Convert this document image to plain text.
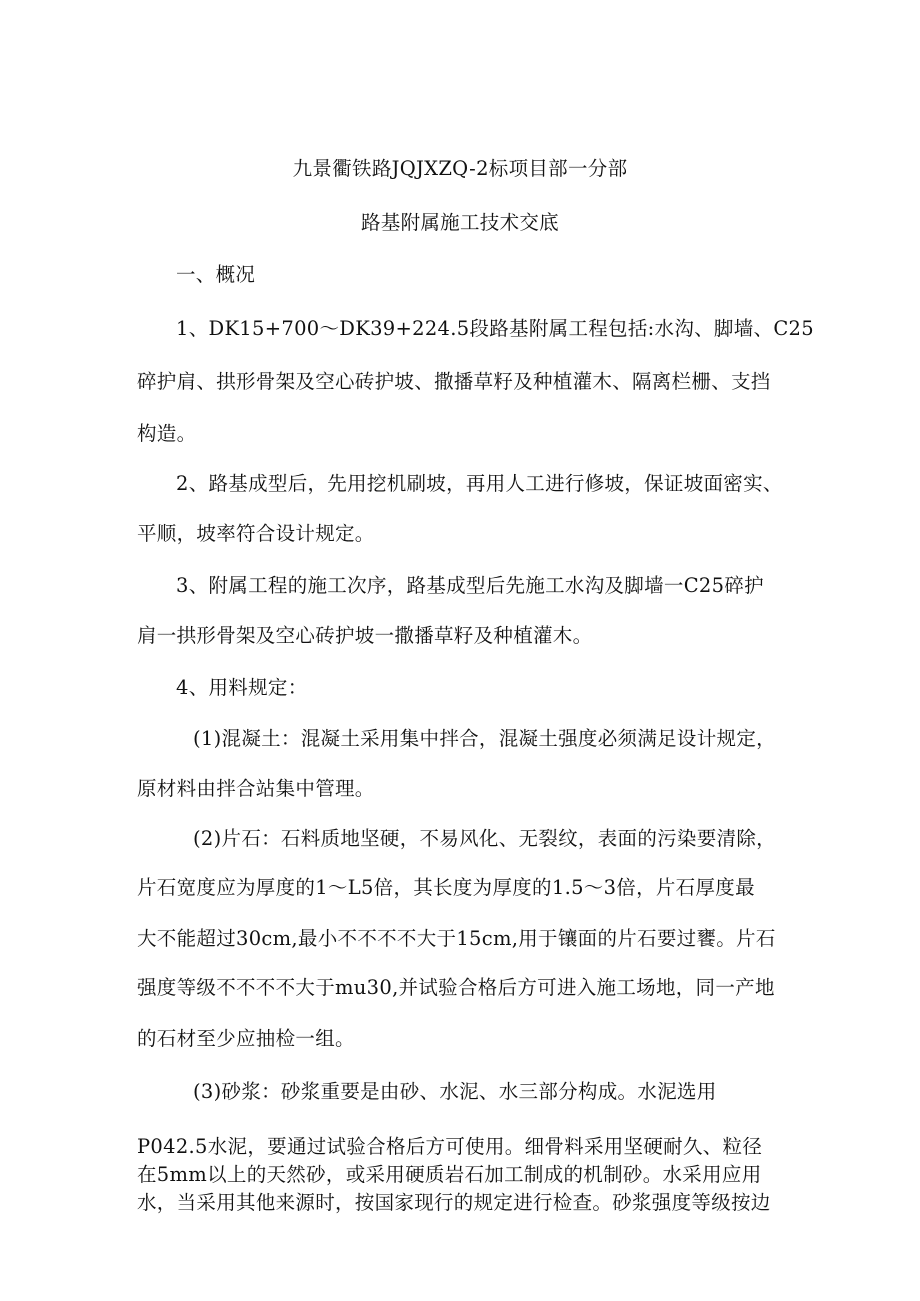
九景衢铁路JQJXZQ-2标项目部一分部
路基附属施工技术交底
一、概况
1、DK15+700～DK39+224.5段路基附属工程包括:水沟、脚墙、C25
碎护肩、拱形骨架及空心砖护坡、撒播草籽及种植灌木、隔离栏栅、支挡
构造。
2、路基成型后，先用挖机刷坡，再用人工进行修坡，保证坡面密实、
平顺，坡率符合设计规定。
3、附属工程的施工次序，路基成型后先施工水沟及脚墙一C25碎护
肩一拱形骨架及空心砖护坡一撒播草籽及种植灌木。
4、用料规定：
(1)混凝土：混凝土采用集中拌合，混凝土强度必须满足设计规定，
原材料由拌合站集中管理。
(2)片石：石料质地坚硬，不易风化、无裂纹，表面的污染要清除，
片石宽度应为厚度的1～L5倍，其长度为厚度的1.5～3倍，片石厚度最
大不能超过30cm,最小不不不不大于15cm,用于镶面的片石要过饔。片石
强度等级不不不不大于mu30,并试验合格后方可进入施工场地，同一产地
的石材至少应抽检一组。
(3)砂浆：砂浆重要是由砂、水泥、水三部分构成。水泥选用
P042.5水泥，要通过试验合格后方可使用。细骨料采用坚硬耐久、粒径
在5mm以上的天然砂，或采用硬质岩石加工制成的机制砂。水采用应用
水，当采用其他来源时，按国家现行的规定进行检查。砂浆强度等级按边
